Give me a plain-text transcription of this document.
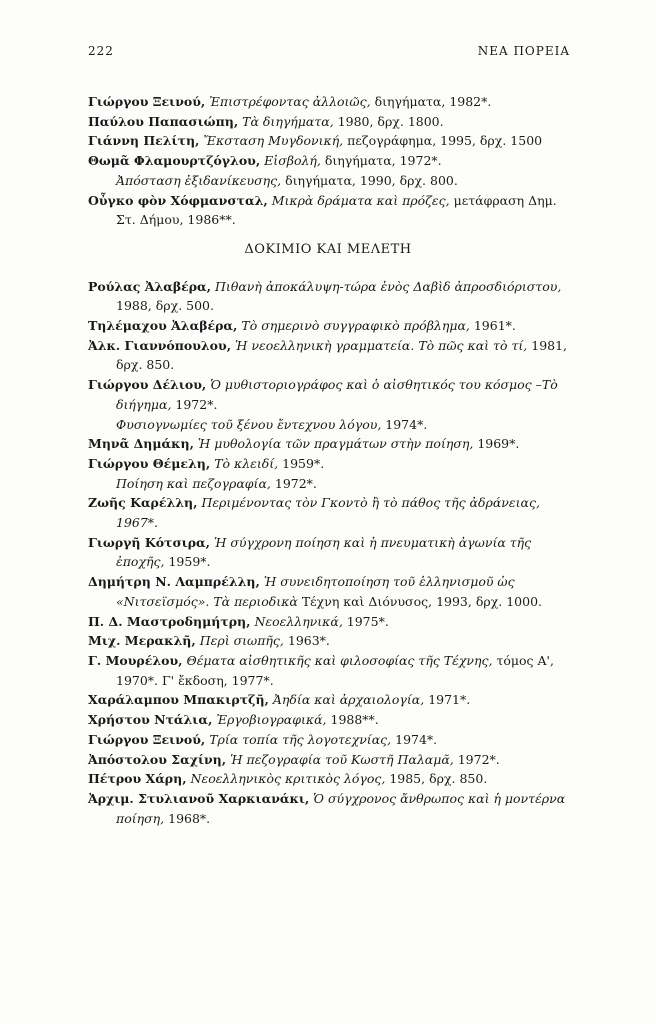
222	ΝΕΑ ΠΟΡΕΙΑ

Γιώργου Ξεινού, Ἐπιστρέφοντας ἀλλοιῶς, διηγήματα, 1982*.

Παύλου Παπασιώπη, Τὰ διηγήματα, 1980, δρχ. 1800.

Γιάννη Πελίτη, Ἔκσταση Μυγδονική, πεζογράφημα, 1995, δρχ. 1500

Θωμᾶ Φλαμουρτζόγλου, Εἰσβολή, διηγήματα, 1972*.

Ἀπόσταση ἐξιδανίκευσης, διηγήματα, 1990, δρχ. 800.

Οὖγκο φὸν Χόφμανσταλ, Μικρὰ δράματα καὶ πρόζες, μετάφραση Δημ. Στ. Δήμου, 1986**.

ΔΟΚΙΜΙΟ ΚΑΙ ΜΕΛΕΤΗ

Ρούλας Ἀλαβέρα, Πιθανὴ ἀποκάλυψη-τώρα ἑνὸς Δαβὶδ ἀπροσδιόριστου, 1988, δρχ. 500.

Τηλέμαχου Ἀλαβέρα, Τὸ σημερινὸ συγγραφικὸ πρόβλημα, 1961*.

Ἀλκ. Γιαννόπουλου, Ἡ νεοελληνικὴ γραμματεία. Τὸ πῶς καὶ τὸ τί, 1981, δρχ. 850.

Γιώργου Δέλιου, Ὁ μυθιστοριογράφος καὶ ὁ αἰσθητικός του κόσμος –Τὸ διήγημα, 1972*.

Φυσιογνωμίες τοῦ ξένου ἔντεχνου λόγου, 1974*.

Μηνᾶ Δημάκη, Ἡ μυθολογία τῶν πραγμάτων στὴν ποίηση, 1969*.

Γιώργου Θέμελη, Τὸ κλειδί, 1959*.

Ποίηση καὶ πεζογραφία, 1972*.

Ζωῆς Καρέλλη, Περιμένοντας τὸν Γκοντὸ ἢ τὸ πάθος τῆς ἀδράνειας, 1967*.

Γιωργῆ Κότσιρα, Ἡ σύγχρονη ποίηση καὶ ἡ πνευματικὴ ἀγωνία τῆς ἐποχῆς, 1959*.

Δημήτρη Ν. Λαμπρέλλη, Ἡ συνειδητοποίηση τοῦ ἑλληνισμοῦ ὡς «Νιτσεϊσμός». Τὰ περιοδικὰ Τέχνη καὶ Διόνυσος, 1993, δρχ. 1000.

Π. Δ. Μαστροδημήτρη, Νεοελληνικά, 1975*.

Μιχ. Μερακλῆ, Περὶ σιωπῆς, 1963*.

Γ. Μουρέλου, Θέματα αἰσθητικῆς καὶ φιλοσοφίας τῆς Τέχνης, τόμος Α', 1970*. Γ' ἔκδοση, 1977*.

Χαράλαμπου Μπακιρτζῆ, Ἀηδία καὶ ἀρχαιολογία, 1971*.

Χρήστου Ντάλια, Ἐργοβιογραφικά, 1988**.

Γιώργου Ξεινού, Τρία τοπία τῆς λογοτεχνίας, 1974*.

Ἀπόστολου Σαχίνη, Ἡ πεζογραφία τοῦ Κωστῆ Παλαμᾶ, 1972*.

Πέτρου Χάρη, Νεοελληνικὸς κριτικὸς λόγος, 1985, δρχ. 850.

Ἀρχιμ. Στυλιανοῦ Χαρκιανάκι, Ὁ σύγχρονος ἄνθρωπος καὶ ἡ μοντέρνα ποίηση, 1968*.
